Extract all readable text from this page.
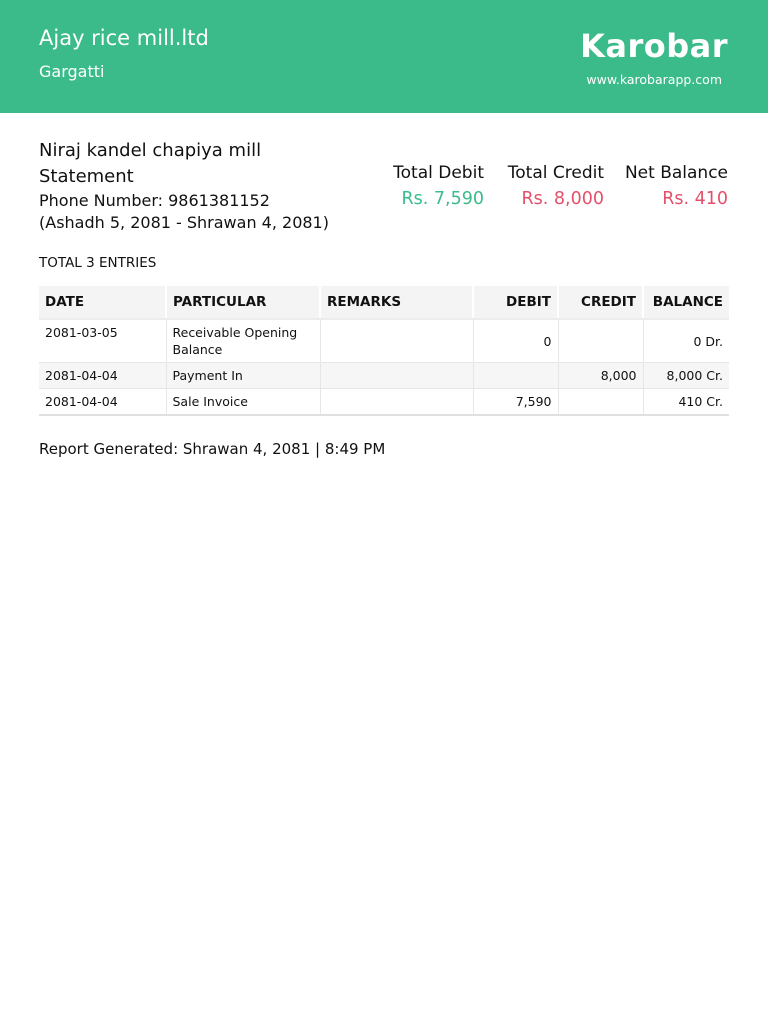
Ajay rice mill.ltd
Gargatti
Karobar
www.karobarapp.com
Niraj kandel chapiya mill
Statement
Phone Number: 9861381152
(Ashadh 5, 2081 - Shrawan 4, 2081)
Total Debit
Rs. 7,590
Total Credit
Rs. 8,000
Net Balance
Rs. 410
TOTAL 3 ENTRIES
DATE	PARTICULAR	REMARKS	DEBIT	CREDIT	BALANCE
2081-03-05	Receivable Opening Balance		0		0 Dr.
2081-04-04	Payment In			8,000	8,000 Cr.
2081-04-04	Sale Invoice		7,590		410 Cr.
Report Generated: Shrawan 4, 2081 | 8:49 PM
